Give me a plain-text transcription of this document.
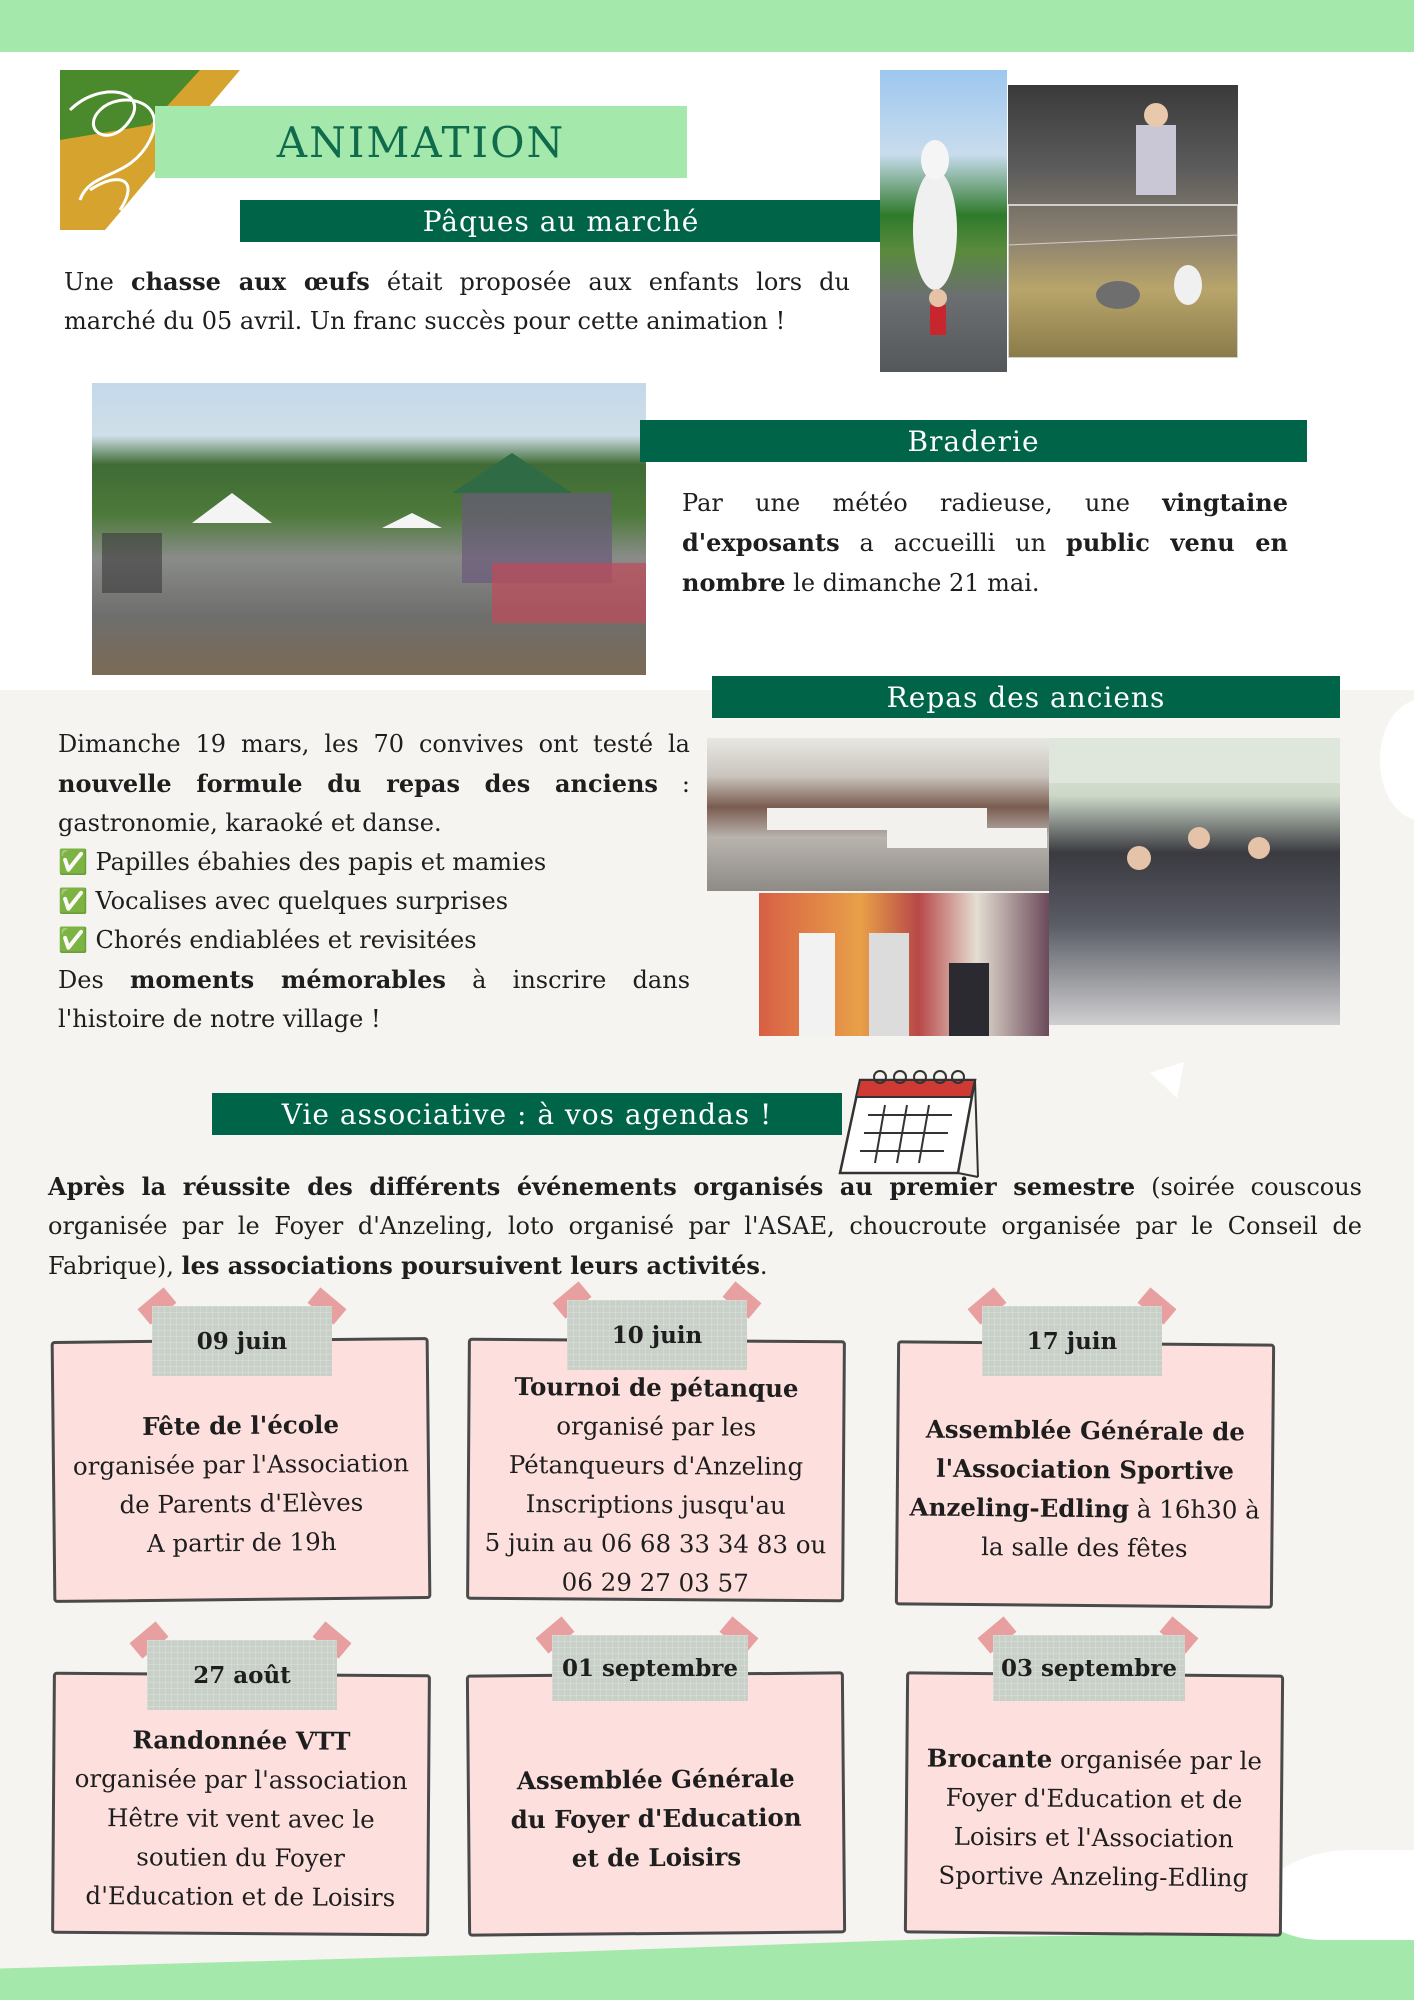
ANIMATION
Pâques au marché
Une chasse aux œufs était proposée aux enfants lors du marché du 05 avril. Un franc succès pour cette animation !
Braderie
Par une météo radieuse, une vingtaine d'exposants a accueilli un public venu en nombre le dimanche 21 mai.
Repas des anciens
Dimanche 19 mars, les 70 convives ont testé la nouvelle formule du repas des anciens : gastronomie, karaoké et danse.
✅ Papilles ébahies des papis et mamies
✅ Vocalises avec quelques surprises
✅ Chorés endiablées et revisitées
Des moments mémorables à inscrire dans l'histoire de notre village !
Vie associative : à vos agendas !
Après la réussite des différents événements organisés au premier semestre (soirée couscous organisée par le Foyer d'Anzeling, loto organisé par l'ASAE, choucroute organisée par le Conseil de Fabrique), les associations poursuivent leurs activités.
Fête de l'école
organisée par l'Association
de Parents d'Elèves
A partir de 19h
Tournoi de pétanque
organisé par les
Pétanqueurs d'Anzeling
Inscriptions jusqu'au
5 juin au 06 68 33 34 83 ou
06 29 27 03 57
Assemblée Générale de l'Association Sportive Anzeling-Edling à 16h30 à la salle des fêtes
Randonnée VTT
organisée par l'association
Hêtre vit vent avec le
soutien du Foyer
d'Education et de Loisirs
Assemblée Générale du Foyer d'Education et de Loisirs
Brocante organisée par le Foyer d'Education et de Loisirs et l'Association Sportive Anzeling-Edling
09 juin	10 juin	17 juin
27 août	01 septembre	03 septembre
